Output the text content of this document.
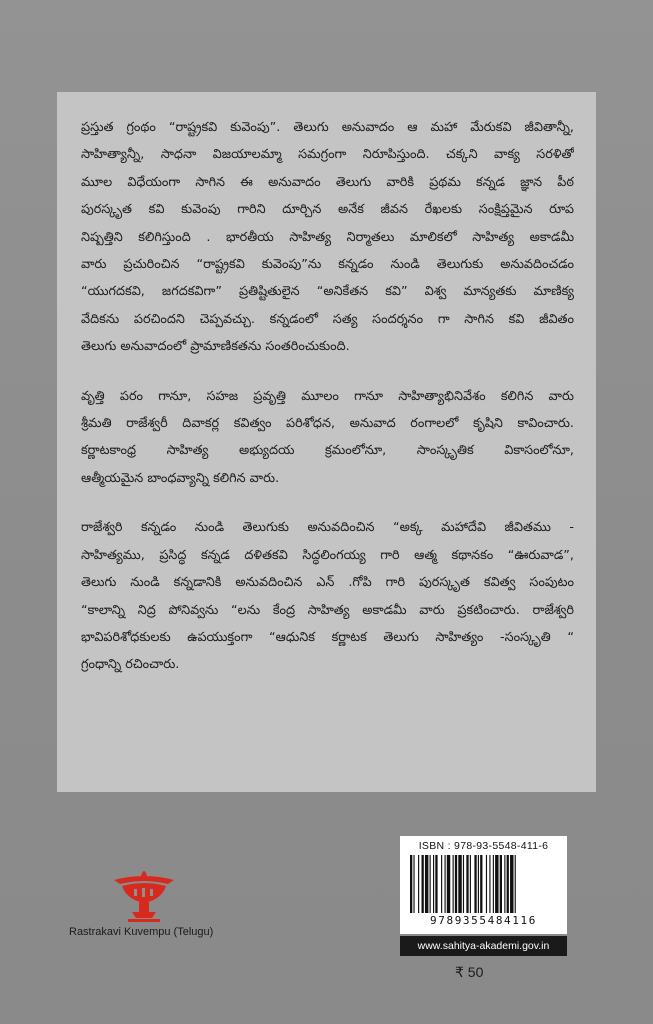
ప్రస్తుత గ్రంథం “రాష్ట్రకవి కువెంపు”. తెలుగు అనువాదం ఆ మహా మేరుకవి జీవితాన్నీ,
సాహిత్యాన్నీ, సాధనా విజయాలమ్మా సమగ్రంగా నిరూపిస్తుంది. చక్కని వాక్య సరళితో
మూల విధేయంగా సాగిన ఈ అనువాదం తెలుగు వారికి ప్రథమ కన్నడ జ్ఞాన పీఠ
పురస్కృత కవి కువెంపు గారిని దూర్చిన అనేక జీవన రేఖలకు సంక్షిప్తమైన రూప
నిష్పత్తిని కలిగిస్తుంది . భారతీయ సాహిత్య నిర్మాతలు మాలికలో సాహిత్య అకాడమీ
వారు ప్రచురించిన “రాష్ట్రకవి కువెంపు”ను కన్నడం నుండి తెలుగుకు అనువదించడం
“యుగదకవి, జగదకవిగా” ప్రతిష్టితులైన “అనికేతన కవి” విశ్వ మాన్యతకు మాణిక్య
వేదికను పరచిందని చెప్పవచ్చు. కన్నడంలో సత్య సందర్శనం గా సాగిన కవి జీవితం
తెలుగు అనువాదంలో ప్రామాణికతను సంతరించుకుంది.
వృత్తి పరం గానూ, సహజ ప్రవృత్తి మూలం గానూ సాహిత్యాభినివేశం కలిగిన వారు
శ్రీమతి రాజేశ్వరీ దివాకర్ల కవిత్వం పరిశోధన, అనువాద రంగాలలో కృషిని కావించారు.
కర్ణాటకాంధ్ర సాహిత్య అభ్యుదయ క్రమంలోనూ, సాంస్కృతిక వికాసంలోనూ,
ఆత్మీయమైన బాంధవ్యాన్ని కలిగిన వారు.
రాజేశ్వరి కన్నడం నుండి తెలుగుకు అనువదించిన “అక్క మహాదేవి జీవితము -
సాహిత్యము, ప్రసిద్ధ కన్నడ దళితకవి సిద్ధలింగయ్య గారి ఆత్మ కథానకం “ఊరువాడ”,
తెలుగు నుండి కన్నడానికి అనువదించిన ఎన్ .గోపి గారి పురస్కృత కవిత్వ సంపుటం
“కాలాన్ని నిద్ర పోనివ్వను “లను కేంద్ర సాహిత్య అకాడమీ వారు ప్రకటించారు. రాజేశ్వరి
భావిపరిశోధకులకు ఉపయుక్తంగా “ఆధునిక కర్ణాటక తెలుగు సాహిత్యం -సంస్కృతి “
గ్రంధాన్ని రచించారు.
Rastrakavi Kuvempu (Telugu)
ISBN : 978-93-5548-411-6
9789355484116
www.sahitya-akademi.gov.in
₹ 50
